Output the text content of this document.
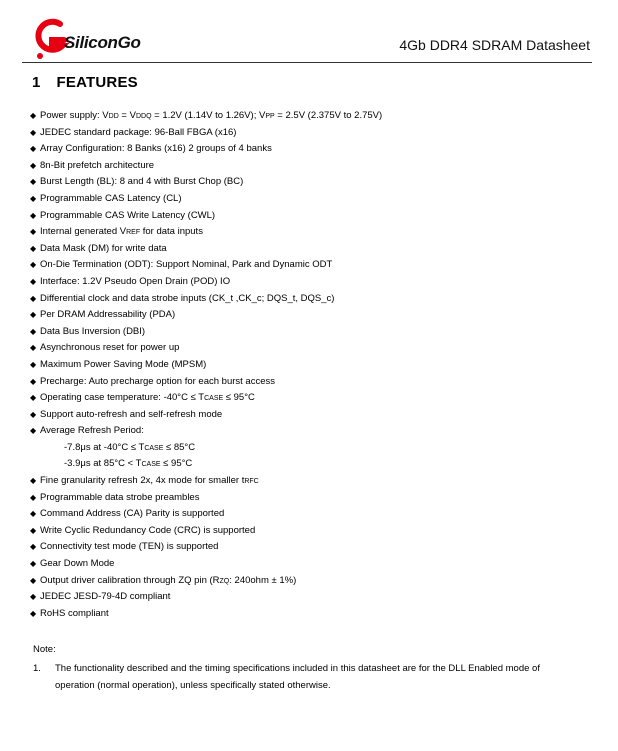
SiliconGo	4Gb DDR4 SDRAM Datasheet
1 FEATURES
◆ Power supply: VDD = VDDQ = 1.2V (1.14V to 1.26V); VPP = 2.5V (2.375V to 2.75V)
◆ JEDEC standard package: 96-Ball FBGA (x16)
◆ Array Configuration: 8 Banks (x16) 2 groups of 4 banks
◆ 8n-Bit prefetch architecture
◆ Burst Length (BL): 8 and 4 with Burst Chop (BC)
◆ Programmable CAS Latency (CL)
◆ Programmable CAS Write Latency (CWL)
◆ Internal generated VREF for data inputs
◆ Data Mask (DM) for write data
◆ On-Die Termination (ODT): Support Nominal, Park and Dynamic ODT
◆ Interface: 1.2V Pseudo Open Drain (POD) IO
◆ Differential clock and data strobe inputs (CK_t ,CK_c; DQS_t, DQS_c)
◆ Per DRAM Addressability (PDA)
◆ Data Bus Inversion (DBI)
◆ Asynchronous reset for power up
◆ Maximum Power Saving Mode (MPSM)
◆ Precharge: Auto precharge option for each burst access
◆ Operating case temperature: -40°C ≤ TCASE ≤ 95°C
◆ Support auto-refresh and self-refresh mode
◆ Average Refresh Period:
-7.8μs at -40°C ≤ TCASE ≤ 85°C
-3.9μs at 85°C < TCASE ≤ 95°C
◆ Fine granularity refresh 2x, 4x mode for smaller tRFC
◆ Programmable data strobe preambles
◆ Command Address (CA) Parity is supported
◆ Write Cyclic Redundancy Code (CRC) is supported
◆ Connectivity test mode (TEN) is supported
◆ Gear Down Mode
◆ Output driver calibration through ZQ pin (RZQ: 240ohm ± 1%)
◆ JEDEC JESD-79-4D compliant
◆ RoHS compliant
Note:
1. The functionality described and the timing specifications included in this datasheet are for the DLL Enabled mode of operation (normal operation), unless specifically stated otherwise.
